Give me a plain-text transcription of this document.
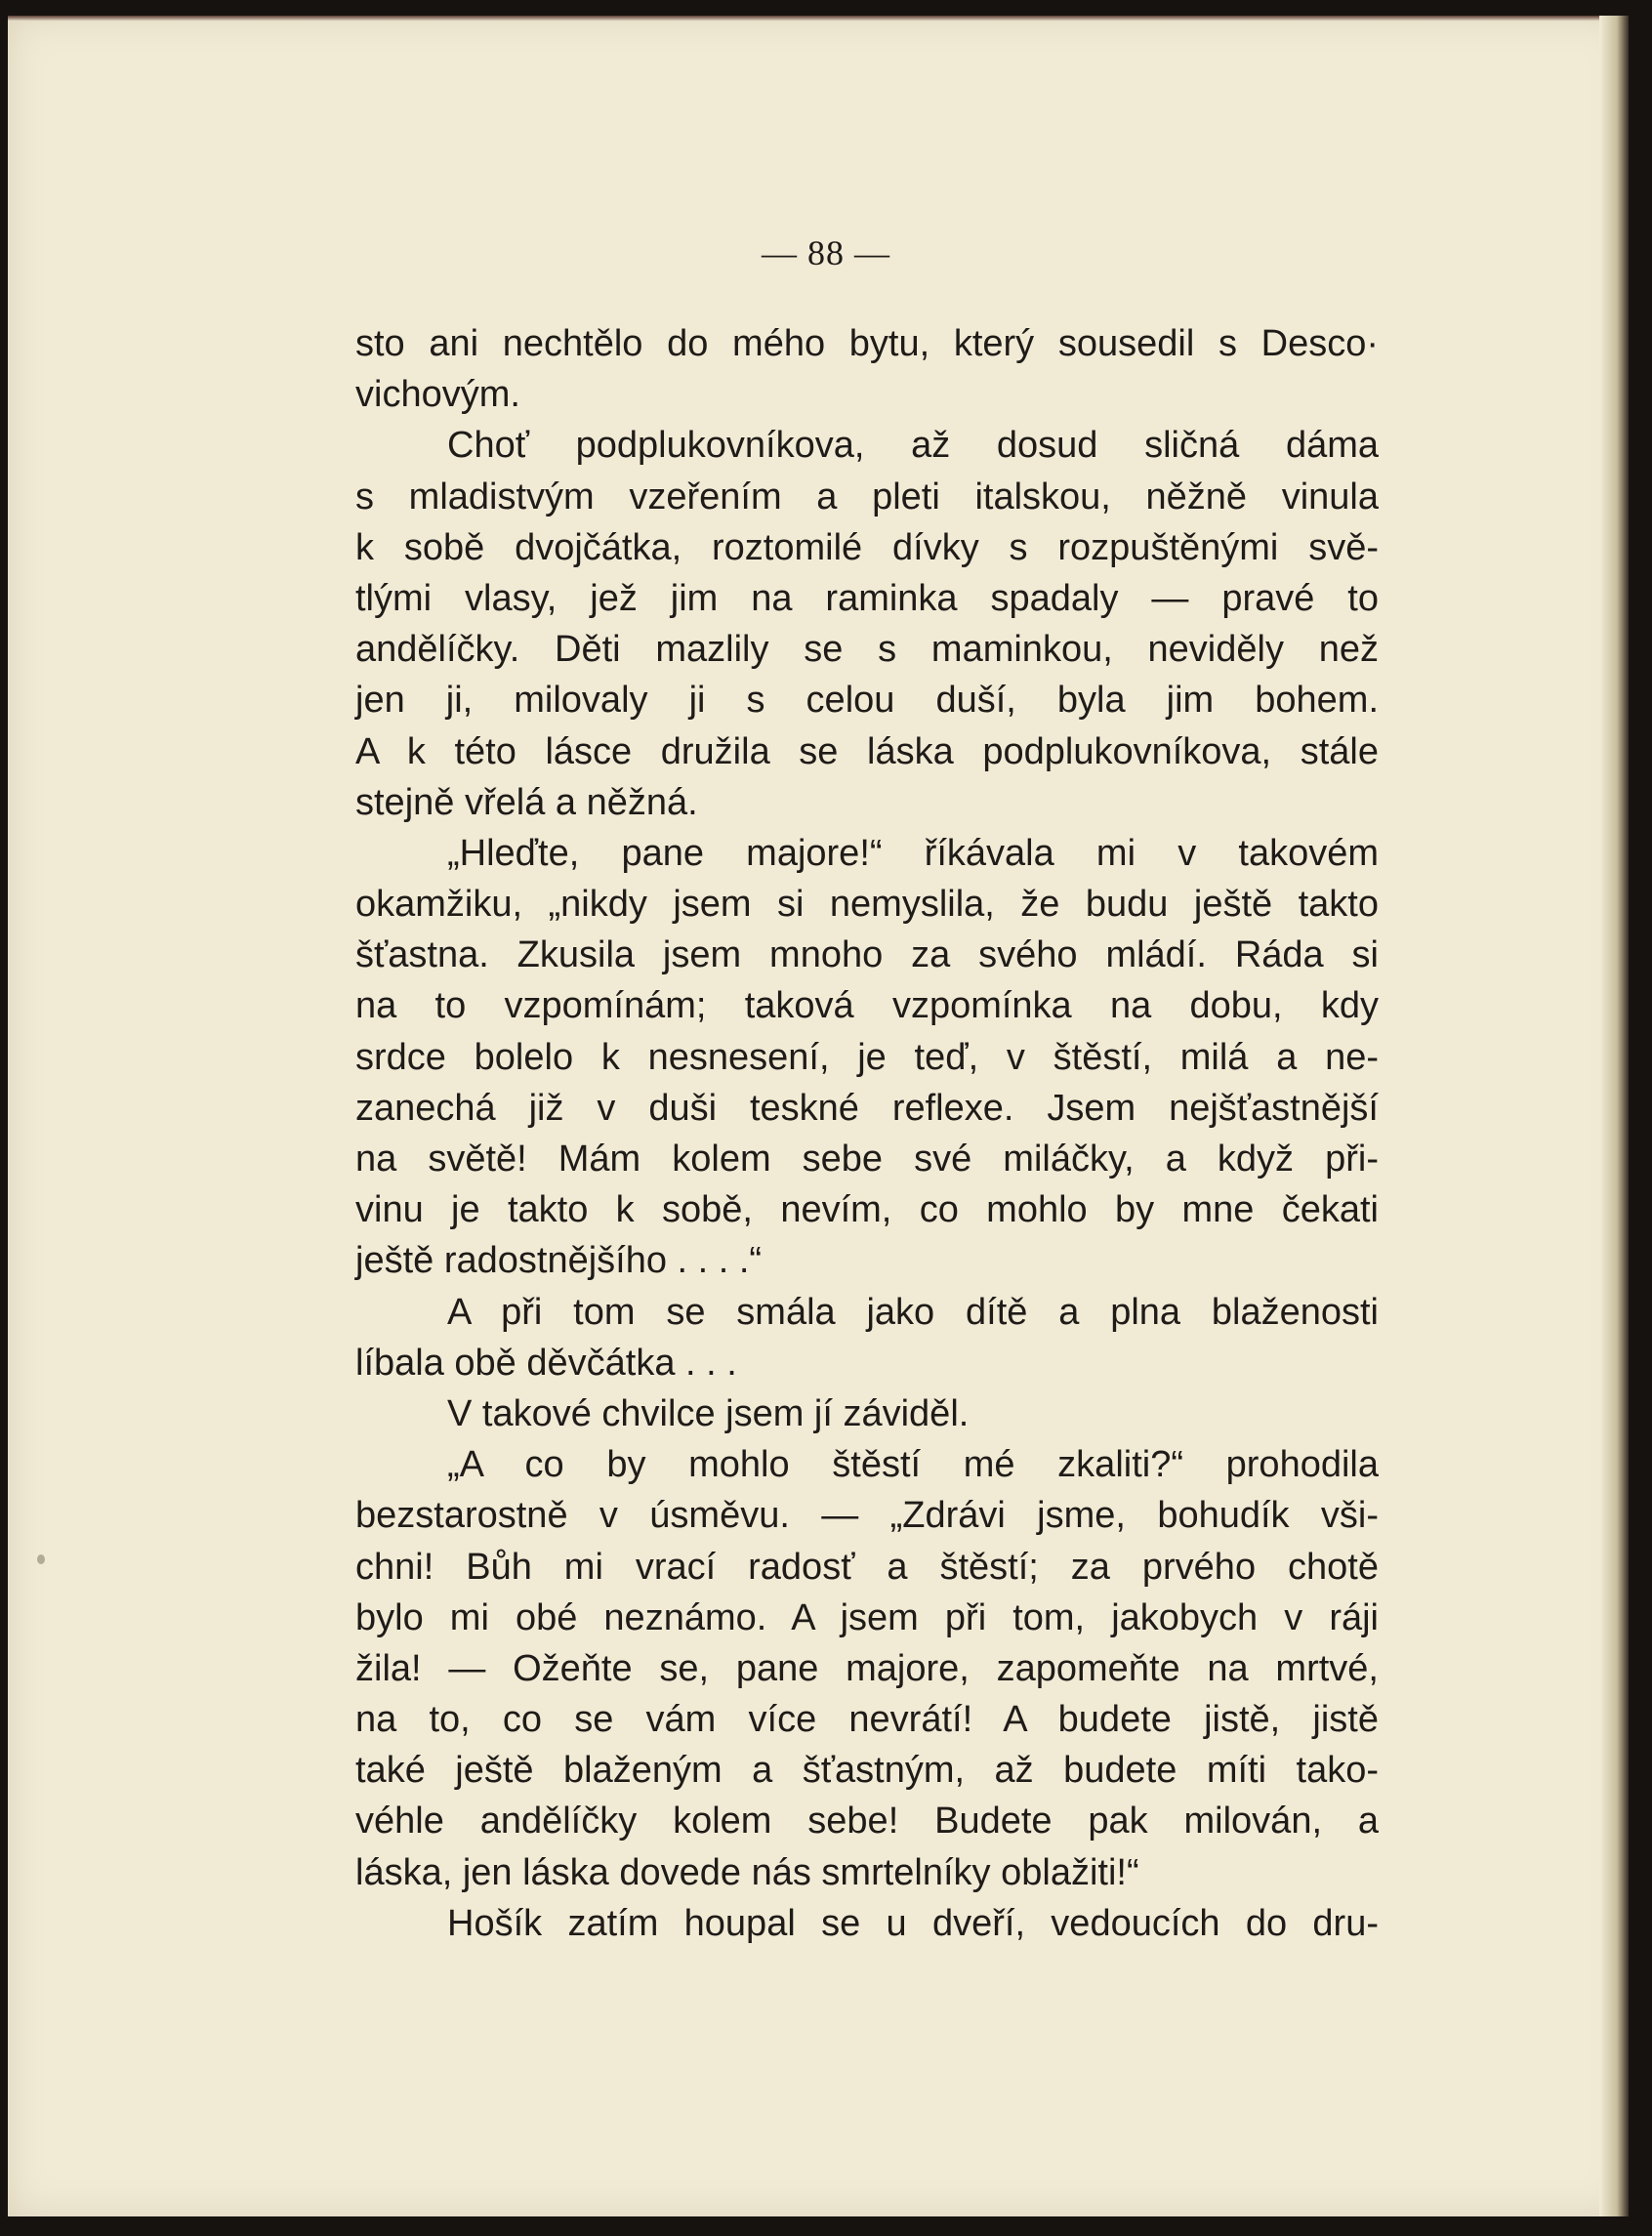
— 88 —
sto ani nechtělo do mého bytu, který sousedil s Desco·
vichovým.
Choť podplukovníkova, až dosud sličná dáma
s mladistvým vzeřením a pleti italskou, něžně vinula
k sobě dvojčátka, roztomilé dívky s rozpuštěnými svě-
tlými vlasy, jež jim na raminka spadaly — pravé to
andělíčky. Děti mazlily se s maminkou, neviděly než
jen ji, milovaly ji s celou duší, byla jim bohem.
A k této lásce družila se láska podplukovníkova, stále
stejně vřelá a něžná.
„Hleďte, pane majore!“ říkávala mi v takovém
okamžiku, „nikdy jsem si nemyslila, že budu ještě takto
šťastna. Zkusila jsem mnoho za svého mládí. Ráda si
na to vzpomínám; taková vzpomínka na dobu, kdy
srdce bolelo k nesnesení, je teď, v štěstí, milá a ne-
zanechá již v duši teskné reflexe. Jsem nejšťastnější
na světě! Mám kolem sebe své miláčky, a když při-
vinu je takto k sobě, nevím, co mohlo by mne čekati
ještě radostnějšího . . . .“
A při tom se smála jako dítě a plna blaženosti
líbala obě děvčátka . . .
V takové chvilce jsem jí záviděl.
„A co by mohlo štěstí mé zkaliti?“ prohodila
bezstarostně v úsměvu. — „Zdrávi jsme, bohudík vši-
chni! Bůh mi vrací radosť a štěstí; za prvého chotě
bylo mi obé neznámo. A jsem při tom, jakobych v ráji
žila! — Ožeňte se, pane majore, zapomeňte na mrtvé,
na to, co se vám více nevrátí! A budete jistě, jistě
také ještě blaženým a šťastným, až budete míti tako-
véhle andělíčky kolem sebe! Budete pak milován, a
láska, jen láska dovede nás smrtelníky oblažiti!“
Hošík zatím houpal se u dveří, vedoucích do dru-
